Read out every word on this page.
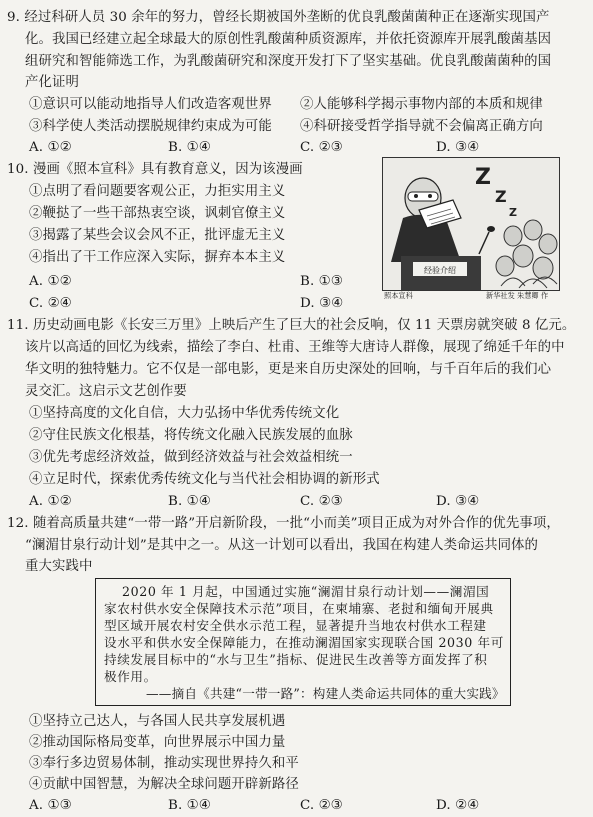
9. 经过科研人员 30 余年的努力，曾经长期被国外垄断的优良乳酸菌菌种正在逐渐实现国产
化。我国已经建立起全球最大的原创性乳酸菌种质资源库，并依托资源库开展乳酸菌基因
组研究和智能筛选工作，为乳酸菌研究和深度开发打下了坚实基础。优良乳酸菌菌种的国
产化证明
①意识可以能动地指导人们改造客观世界 ②人能够科学揭示事物内部的本质和规律
③科学使人类活动摆脱规律约束成为可能 ④科研接受哲学指导就不会偏离正确方向
A. ①②	B. ①④	C. ②③	D. ③④
10. 漫画《照本宣科》具有教育意义，因为该漫画
①点明了看问题要客观公正，力拒实用主义
②鞭挞了一些干部热衷空谈，讽刺官僚主义
③揭露了某些会议会风不正，批评虚无主义
④指出了干工作应深入实际，摒弃本本主义
A. ①②	B. ①③
C. ②④	D. ③④
Z
Z
Z
经验介绍
照本宣科	新华社发 朱慧卿 作
11. 历史动画电影《长安三万里》上映后产生了巨大的社会反响，仅 11 天票房就突破 8 亿元。
该片以高适的回忆为线索，描绘了李白、杜甫、王维等大唐诗人群像，展现了绵延千年的中
华文明的独特魅力。它不仅是一部电影，更是来自历史深处的回响，与千百年后的我们心
灵交汇。这启示文艺创作要
①坚持高度的文化自信，大力弘扬中华优秀传统文化
②守住民族文化根基，将传统文化融入民族发展的血脉
③优先考虑经济效益，做到经济效益与社会效益相统一
④立足时代，探索优秀传统文化与当代社会相协调的新形式
A. ①②	B. ①④	C. ②③	D. ③④
12. 随着高质量共建“一带一路”开启新阶段，一批“小而美”项目正成为对外合作的优先事项，
“澜湄甘泉行动计划”是其中之一。从这一计划可以看出，我国在构建人类命运共同体的
重大实践中
2020 年 1 月起，中国通过实施“澜湄甘泉行动计划——澜湄国
家农村供水安全保障技术示范”项目，在柬埔寨、老挝和缅甸开展典
型区域开展农村安全供水示范工程，显著提升当地农村供水工程建
设水平和供水安全保障能力，在推动澜湄国家实现联合国 2030 年可
持续发展目标中的“水与卫生”指标、促进民生改善等方面发挥了积
极作用。
——摘自《共建“一带一路”：构建人类命运共同体的重大实践》
①坚持立己达人，与各国人民共享发展机遇
②推动国际格局变革，向世界展示中国力量
③奉行多边贸易体制，推动实现世界持久和平
④贡献中国智慧，为解决全球问题开辟新路径
A. ①③	B. ①④	C. ②③	D. ②④
